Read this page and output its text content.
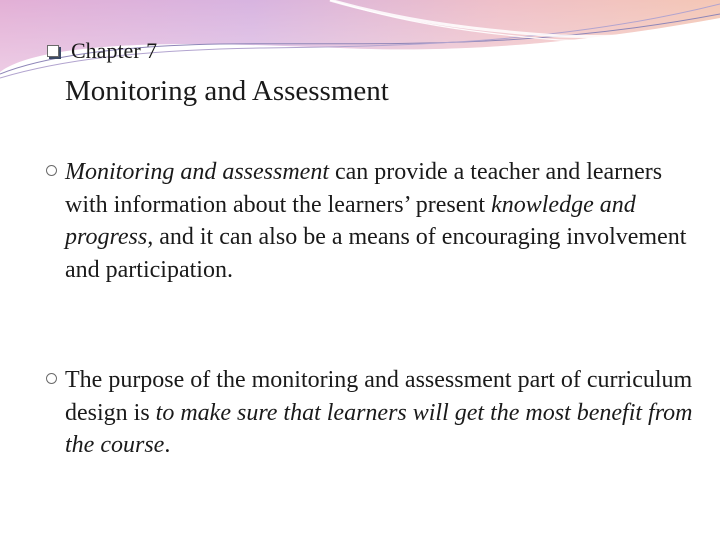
Chapter 7
Monitoring and Assessment
Monitoring and assessment can provide a teacher and learners with information about the learners’ present knowledge and progress, and it can also be a means of encouraging involvement and participation.
The purpose of the monitoring and assessment part of curriculum design is to make sure that learners will get the most benefit from the course.
